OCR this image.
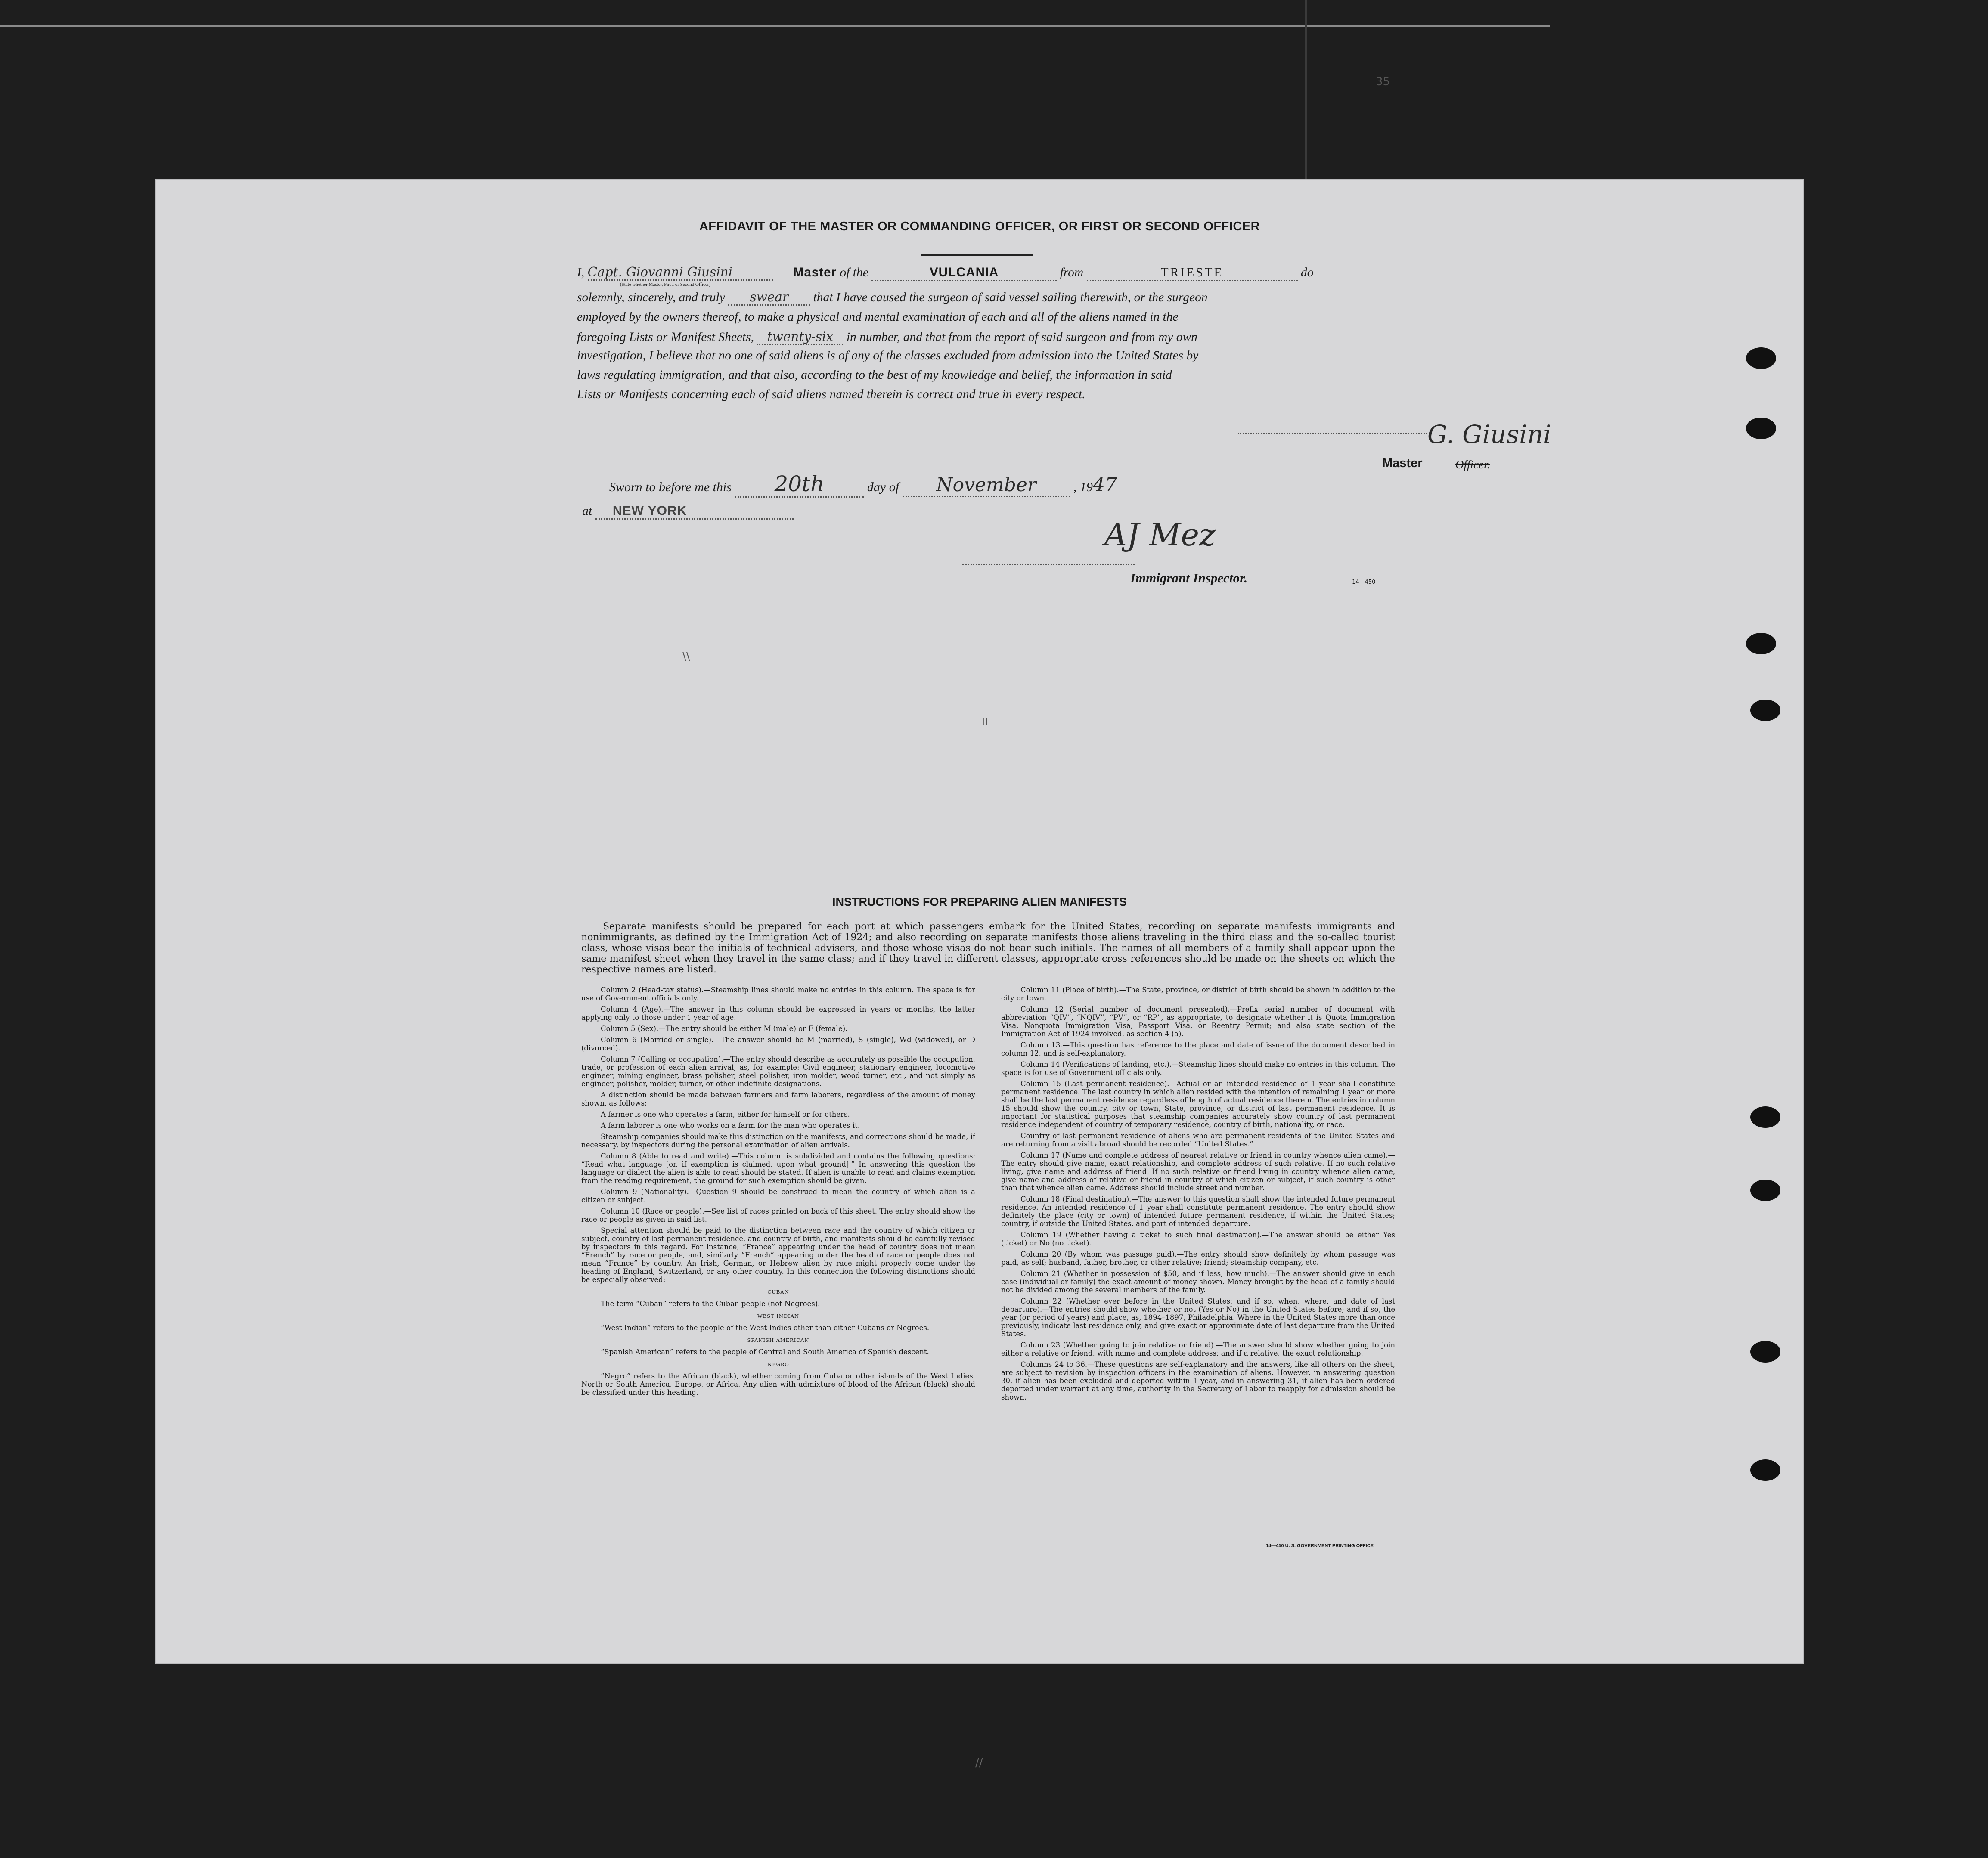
35
\\
ıı
AFFIDAVIT OF THE MASTER OR COMMANDING OFFICER, OR FIRST OR SECOND OFFICER
I, Capt. Giovanni Giusini	Master of the	VULCANIA	from	TRIESTE	do
(State whether Master, First, or Second Officer)
solemnly, sincerely, and truly swear that I have caused the surgeon of said vessel sailing therewith, or the surgeon
employed by the owners thereof, to make a physical and mental examination of each and all of the aliens named in the
foregoing Lists or Manifest Sheets, twenty-six in number, and that from the report of said surgeon and from my own
investigation, I believe that no one of said aliens is of any of the classes excluded from admission into the United States by
laws regulating immigration, and that also, according to the best of my knowledge and belief, the information in said
Lists or Manifests concerning each of said aliens named therein is correct and true in every respect.
G. Giusini
Master	Officer.
Sworn to before me this 20th	day of November	, 1947
at NEW YORK
AJ Mez
Immigrant Inspector.	14—450
INSTRUCTIONS FOR PREPARING ALIEN MANIFESTS
Separate manifests should be prepared for each port at which passengers embark for the United States, recording on separate manifests immigrants and nonimmigrants, as defined by the Immigration Act of 1924; and also recording on separate manifests those aliens traveling in the third class and the so-called tourist class, whose visas bear the initials of technical advisers, and those whose visas do not bear such initials. The names of all members of a family shall appear upon the same manifest sheet when they travel in the same class; and if they travel in different classes, appropriate cross references should be made on the sheets on which the respective names are listed.

Column 2 (Head-tax status).—Steamship lines should make no entries in this column. The space is for use of Government officials only.

Column 4 (Age).—The answer in this column should be expressed in years or months, the latter applying only to those under 1 year of age.

Column 5 (Sex).—The entry should be either M (male) or F (female).

Column 6 (Married or single).—The answer should be M (married), S (single), Wd (widowed), or D (divorced).

Column 7 (Calling or occupation).—The entry should describe as accurately as possible the occupation, trade, or profession of each alien arrival, as, for example: Civil engineer, stationary engineer, locomotive engineer, mining engineer, brass polisher, steel polisher, iron molder, wood turner, etc., and not simply as engineer, polisher, molder, turner, or other indefinite designations.

A distinction should be made between farmers and farm laborers, regardless of the amount of money shown, as follows:

A farmer is one who operates a farm, either for himself or for others.

A farm laborer is one who works on a farm for the man who operates it.

Steamship companies should make this distinction on the manifests, and corrections should be made, if necessary, by inspectors during the personal examination of alien arrivals.

Column 8 (Able to read and write).—This column is subdivided and contains the following questions: “Read what language [or, if exemption is claimed, upon what ground].” In answering this question the language or dialect the alien is able to read should be stated. If alien is unable to read and claims exemption from the reading requirement, the ground for such exemption should be given.

Column 9 (Nationality).—Question 9 should be construed to mean the country of which alien is a citizen or subject.

Column 10 (Race or people).—See list of races printed on back of this sheet. The entry should show the race or people as given in said list.

Special attention should be paid to the distinction between race and the country of which citizen or subject, country of last permanent residence, and country of birth, and manifests should be carefully revised by inspectors in this regard. For instance, “France” appearing under the head of country does not mean “French” by race or people, and, similarly “French” appearing under the head of race or people does not mean “France” by country. An Irish, German, or Hebrew alien by race might properly come under the heading of England, Switzerland, or any other country. In this connection the following distinctions should be especially observed:

CUBAN

The term “Cuban” refers to the Cuban people (not Negroes).

WEST INDIAN

“West Indian” refers to the people of the West Indies other than either Cubans or Negroes.

SPANISH AMERICAN

“Spanish American” refers to the people of Central and South America of Spanish descent.

NEGRO

“Negro” refers to the African (black), whether coming from Cuba or other islands of the West Indies, North or South America, Europe, or Africa. Any alien with admixture of blood of the African (black) should be classified under this heading.

Column 11 (Place of birth).—The State, province, or district of birth should be shown in addition to the city or town.

Column 12 (Serial number of document presented).—Prefix serial number of document with abbreviation “QIV”, “NQIV”, “PV”, or “RP”, as appropriate, to designate whether it is Quota Immigration Visa, Nonquota Immigration Visa, Passport Visa, or Reentry Permit; and also state section of the Immigration Act of 1924 involved, as section 4 (a).

Column 13.—This question has reference to the place and date of issue of the document described in column 12, and is self-explanatory.

Column 14 (Verifications of landing, etc.).—Steamship lines should make no entries in this column. The space is for use of Government officials only.

Column 15 (Last permanent residence).—Actual or an intended residence of 1 year shall constitute permanent residence. The last country in which alien resided with the intention of remaining 1 year or more shall be the last permanent residence regardless of length of actual residence therein. The entries in column 15 should show the country, city or town, State, province, or district of last permanent residence. It is important for statistical purposes that steamship companies accurately show country of last permanent residence independent of country of temporary residence, country of birth, nationality, or race.

Country of last permanent residence of aliens who are permanent residents of the United States and are returning from a visit abroad should be recorded “United States.”

Column 17 (Name and complete address of nearest relative or friend in country whence alien came).—The entry should give name, exact relationship, and complete address of such relative. If no such relative living, give name and address of friend. If no such relative or friend living in country whence alien came, give name and address of relative or friend in country of which citizen or subject, if such country is other than that whence alien came. Address should include street and number.

Column 18 (Final destination).—The answer to this question shall show the intended future permanent residence. An intended residence of 1 year shall constitute permanent residence. The entry should show definitely the place (city or town) of intended future permanent residence, if within the United States; country, if outside the United States, and port of intended departure.

Column 19 (Whether having a ticket to such final destination).—The answer should be either Yes (ticket) or No (no ticket).

Column 20 (By whom was passage paid).—The entry should show definitely by whom passage was paid, as self; husband, father, brother, or other relative; friend; steamship company, etc.

Column 21 (Whether in possession of $50, and if less, how much).—The answer should give in each case (individual or family) the exact amount of money shown. Money brought by the head of a family should not be divided among the several members of the family.

Column 22 (Whether ever before in the United States; and if so, when, where, and date of last departure).—The entries should show whether or not (Yes or No) in the United States before; and if so, the year (or period of years) and place, as, 1894–1897, Philadelphia. Where in the United States more than once previously, indicate last residence only, and give exact or approximate date of last departure from the United States.

Column 23 (Whether going to join relative or friend).—The answer should show whether going to join either a relative or friend, with name and complete address; and if a relative, the exact relationship.

Columns 24 to 36.—These questions are self-explanatory and the answers, like all others on the sheet, are subject to revision by inspection officers in the examination of aliens. However, in answering question 30, if alien has been excluded and deported within 1 year, and in answering 31, if alien has been ordered deported under warrant at any time, authority in the Secretary of Labor to reapply for admission should be shown.

14—450 U. S. GOVERNMENT PRINTING OFFICE
//
